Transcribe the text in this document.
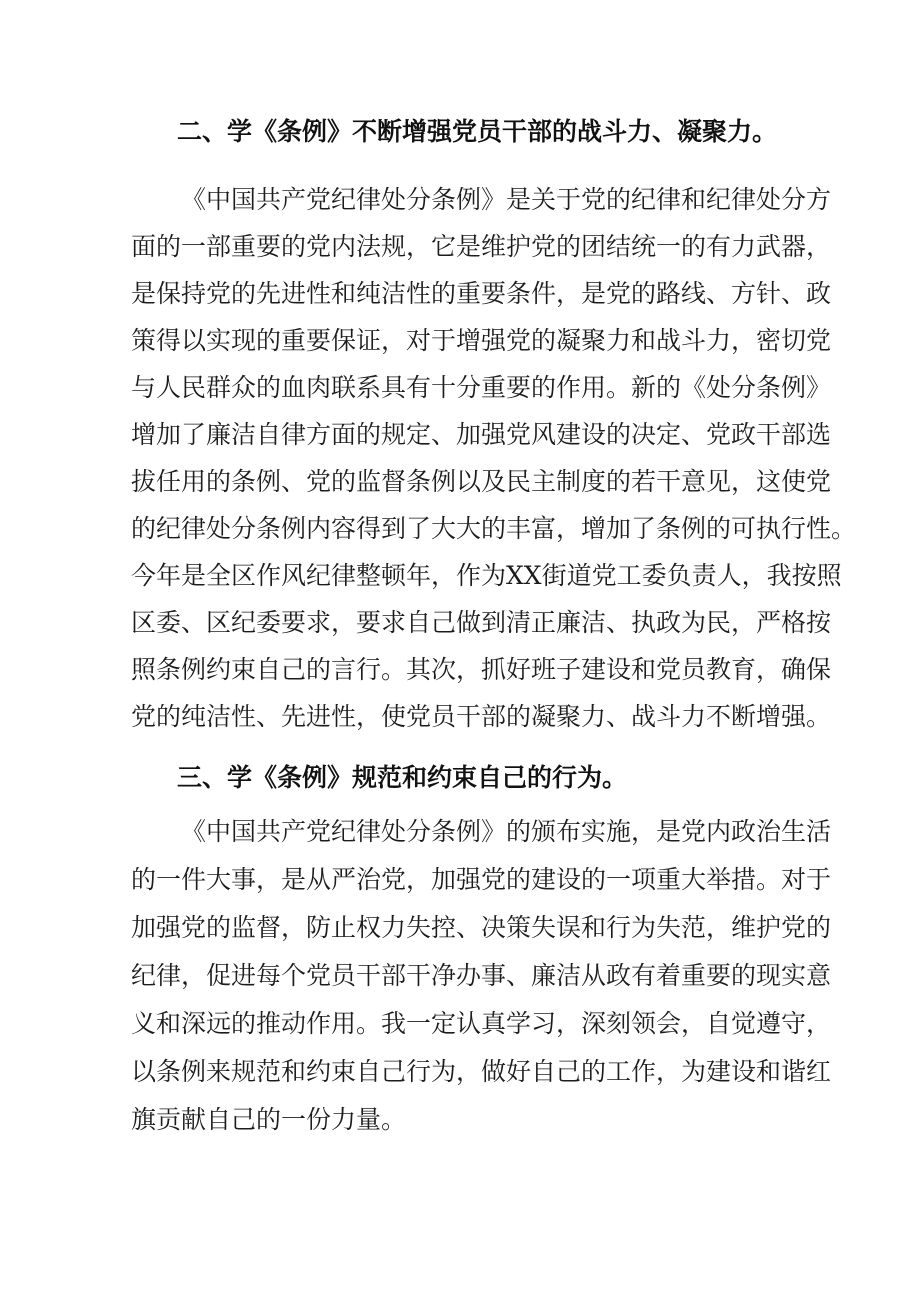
二、学《条例》不断增强党员干部的战斗力、凝聚力。

《中国共产党纪律处分条例》是关于党的纪律和纪律处分方

面的一部重要的党内法规，它是维护党的团结统一的有力武器，

是保持党的先进性和纯洁性的重要条件，是党的路线、方针、政

策得以实现的重要保证，对于增强党的凝聚力和战斗力，密切党

与人民群众的血肉联系具有十分重要的作用。新的《处分条例》

增加了廉洁自律方面的规定、加强党风建设的决定、党政干部选

拔任用的条例、党的监督条例以及民主制度的若干意见，这使党

的纪律处分条例内容得到了大大的丰富，增加了条例的可执行性。

今年是全区作风纪律整顿年，作为XX街道党工委负责人，我按照

区委、区纪委要求，要求自己做到清正廉洁、执政为民，严格按

照条例约束自己的言行。其次，抓好班子建设和党员教育，确保

党的纯洁性、先进性，使党员干部的凝聚力、战斗力不断增强。

三、学《条例》规范和约束自己的行为。

《中国共产党纪律处分条例》的颁布实施，是党内政治生活

的一件大事，是从严治党，加强党的建设的一项重大举措。对于

加强党的监督，防止权力失控、决策失误和行为失范，维护党的

纪律，促进每个党员干部干净办事、廉洁从政有着重要的现实意

义和深远的推动作用。我一定认真学习，深刻领会，自觉遵守，

以条例来规范和约束自己行为，做好自己的工作，为建设和谐红

旗贡献自己的一份力量。
